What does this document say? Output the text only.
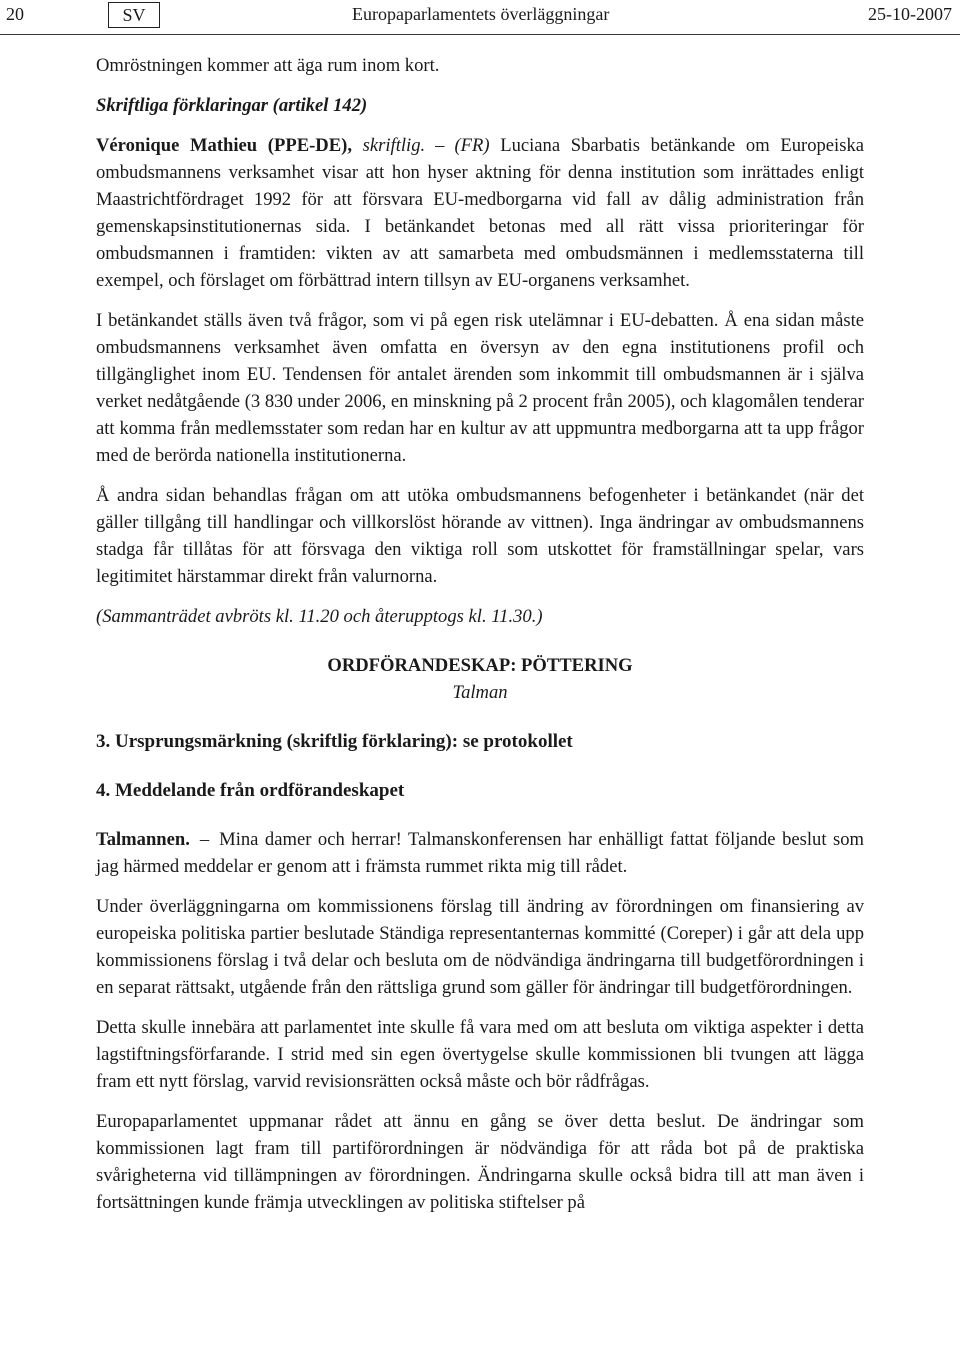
20	SV	Europaparlamentets överläggningar	25-10-2007

Omröstningen kommer att äga rum inom kort.

Skriftliga förklaringar (artikel 142)

Véronique Mathieu (PPE-DE), skriftlig. – (FR) Luciana Sbarbatis betänkande om Europeiska ombudsmannens verksamhet visar att hon hyser aktning för denna institution som inrättades enligt Maastrichtfördraget 1992 för att försvara EU-medborgarna vid fall av dålig administration från gemenskapsinstitutionernas sida. I betänkandet betonas med all rätt vissa prioriteringar för ombudsmannen i framtiden: vikten av att samarbeta med ombudsmännen i medlemsstaterna till exempel, och förslaget om förbättrad intern tillsyn av EU-organens verksamhet.

I betänkandet ställs även två frågor, som vi på egen risk utelämnar i EU-debatten. Å ena sidan måste ombudsmannens verksamhet även omfatta en översyn av den egna institutionens profil och tillgänglighet inom EU. Tendensen för antalet ärenden som inkommit till ombudsmannen är i själva verket nedåtgående (3 830 under 2006, en minskning på 2 procent från 2005), och klagomålen tenderar att komma från medlemsstater som redan har en kultur av att uppmuntra medborgarna att ta upp frågor med de berörda nationella institutionerna.

Å andra sidan behandlas frågan om att utöka ombudsmannens befogenheter i betänkandet (när det gäller tillgång till handlingar och villkorslöst hörande av vittnen). Inga ändringar av ombudsmannens stadga får tillåtas för att försvaga den viktiga roll som utskottet för framställningar spelar, vars legitimitet härstammar direkt från valurnorna.

(Sammanträdet avbröts kl. 11.20 och återupptogs kl. 11.30.)

ORDFÖRANDESKAP: PÖTTERING

Talman

3. Ursprungsmärkning (skriftlig förklaring): se protokollet

4. Meddelande från ordförandeskapet

Talmannen. – Mina damer och herrar! Talmanskonferensen har enhälligt fattat följande beslut som jag härmed meddelar er genom att i främsta rummet rikta mig till rådet.

Under överläggningarna om kommissionens förslag till ändring av förordningen om finansiering av europeiska politiska partier beslutade Ständiga representanternas kommitté (Coreper) i går att dela upp kommissionens förslag i två delar och besluta om de nödvändiga ändringarna till budgetförordningen i en separat rättsakt, utgående från den rättsliga grund som gäller för ändringar till budgetförordningen.

Detta skulle innebära att parlamentet inte skulle få vara med om att besluta om viktiga aspekter i detta lagstiftningsförfarande. I strid med sin egen övertygelse skulle kommissionen bli tvungen att lägga fram ett nytt förslag, varvid revisionsrätten också måste och bör rådfrågas.

Europaparlamentet uppmanar rådet att ännu en gång se över detta beslut. De ändringar som kommissionen lagt fram till partiförordningen är nödvändiga för att råda bot på de praktiska svårigheterna vid tillämpningen av förordningen. Ändringarna skulle också bidra till att man även i fortsättningen kunde främja utvecklingen av politiska stiftelser på
